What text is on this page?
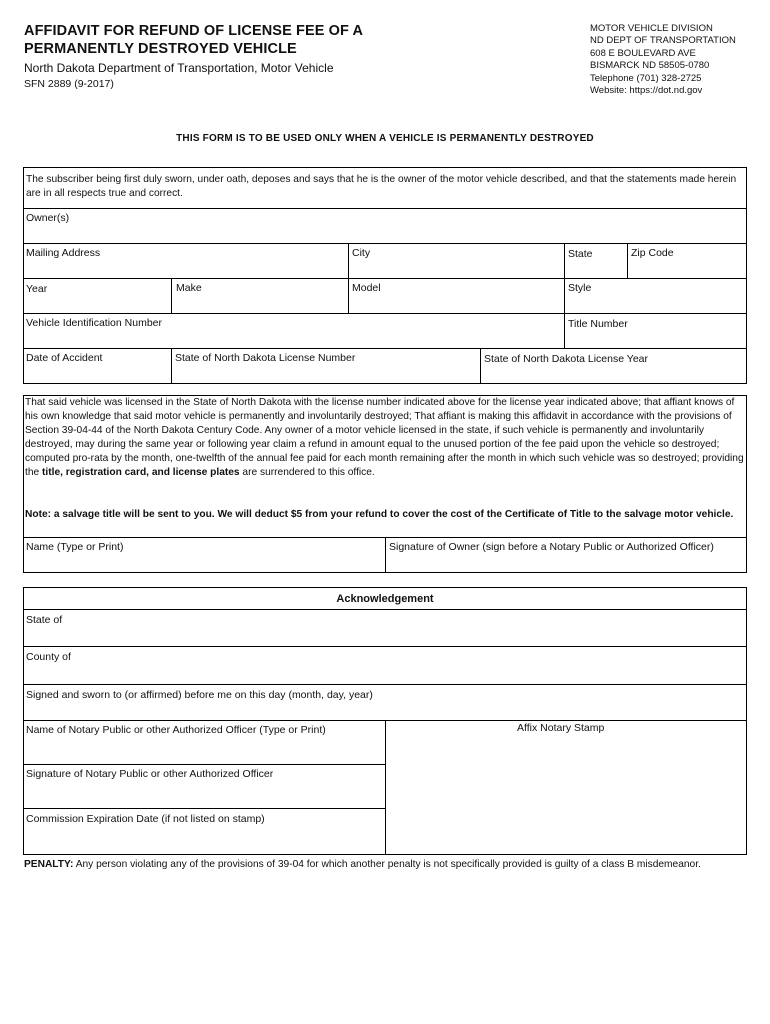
AFFIDAVIT FOR REFUND OF LICENSE FEE OF A
PERMANENTLY DESTROYED VEHICLE
North Dakota Department of Transportation, Motor Vehicle
SFN 2889 (9-2017)
MOTOR VEHICLE DIVISION
ND DEPT OF TRANSPORTATION
608 E BOULEVARD AVE
BISMARCK ND 58505-0780
Telephone (701) 328-2725
Website: https://dot.nd.gov
THIS FORM IS TO BE USED ONLY WHEN A VEHICLE IS PERMANENTLY DESTROYED
The subscriber being first duly sworn, under oath, deposes and says that he is the owner of the motor vehicle described, and that the statements made herein are in all respects true and correct.
Owner(s)
Mailing Address	City	State	Zip Code
Year	Make	Model	Style
Vehicle Identification Number	Title Number
Date of Accident	State of North Dakota License Number	State of North Dakota License Year
That said vehicle was licensed in the State of North Dakota with the license number indicated above for the license year indicated above; that affiant knows of his own knowledge that said motor vehicle is permanently and involuntarily destroyed; That affiant is making this affidavit in accordance with the provisions of Section 39-04-44 of the North Dakota Century Code. Any owner of a motor vehicle licensed in the state, if such vehicle is permanently and involuntarily destroyed, may during the same year or following year claim a refund in amount equal to the unused portion of the fee paid upon the vehicle so destroyed; computed pro-rata by the month, one-twelfth of the annual fee paid for each month remaining after the month in which such vehicle was so destroyed; providing the title, registration card, and license plates are surrendered to this office.
Note: a salvage title will be sent to you. We will deduct $5 from your refund to cover the cost of the Certificate of Title to the salvage motor vehicle.
Name (Type or Print)	Signature of Owner (sign before a Notary Public or Authorized Officer)
Acknowledgement
State of
County of
Signed and sworn to (or affirmed) before me on this day (month, day, year)
Name of Notary Public or other Authorized Officer (Type or Print)	Affix Notary Stamp
Signature of Notary Public or other Authorized Officer
Commission Expiration Date (if not listed on stamp)
PENALTY: Any person violating any of the provisions of 39-04 for which another penalty is not specifically provided is guilty of a class B misdemeanor.
